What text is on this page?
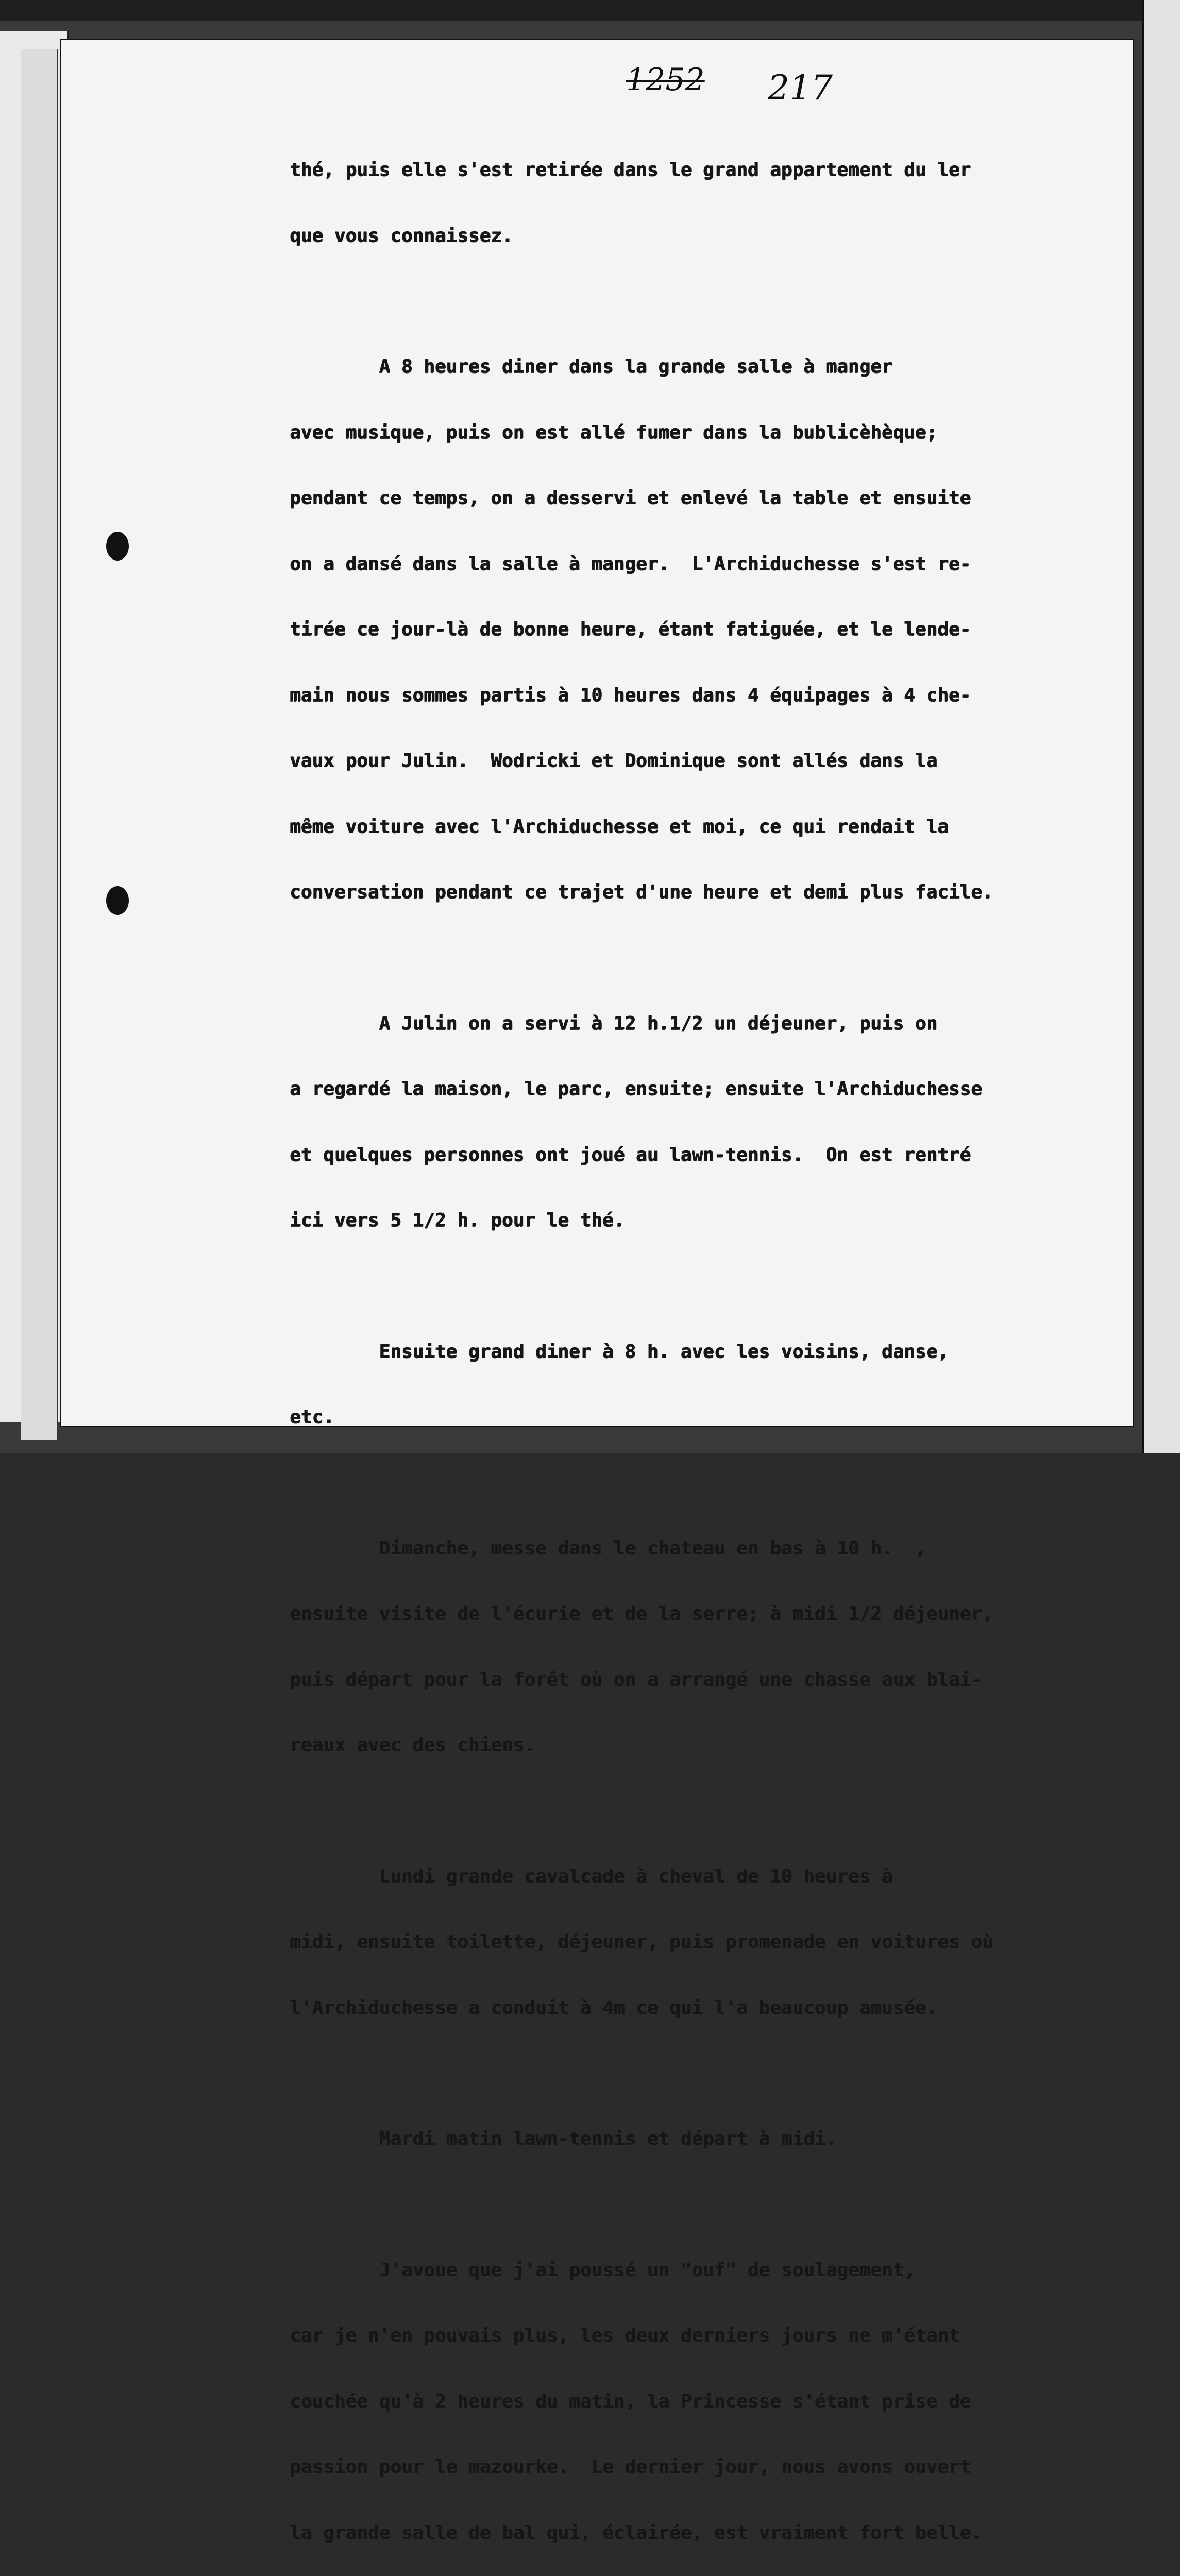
1252 217

thé, puis elle s'est retirée dans le grand appartement du ler

que vous connaissez.

A 8 heures diner dans la grande salle à manger

avec musique, puis on est allé fumer dans la bublicèhèque;

pendant ce temps, on a desservi et enlevé la table et ensuite

on a dansé dans la salle à manger.  L'Archiduchesse s'est re-

tirée ce jour-là de bonne heure, étant fatiguée, et le lende-

main nous sommes partis à 10 heures dans 4 équipages à 4 che-

vaux pour Julin.  Wodricki et Dominique sont allés dans la

même voiture avec l'Archiduchesse et moi, ce qui rendait la

conversation pendant ce trajet d'une heure et demi plus facile.

A Julin on a servi à 12 h.1/2 un déjeuner, puis on

a regardé la maison, le parc, ensuite; ensuite l'Archiduchesse

et quelques personnes ont joué au lawn-tennis.  On est rentré

ici vers 5 1/2 h. pour le thé.

Ensuite grand diner à 8 h. avec les voisins, danse,

etc.

Dimanche, messe dans le chateau en bas à 10 h.  ,

ensuite visite de l'écurie et de la serre; à midi 1/2 déjeuner,

puis départ pour la forêt où on a arrangé une chasse aux blai-

reaux avec des chiens.

Lundi grande cavalcade à cheval de 10 heures à

midi, ensuite toilette, déjeuner, puis promenade en voitures où

l'Archiduchesse a conduit à 4m ce qui l'a beaucoup amusée.

Mardi matin lawn-tennis et départ à midi.

J'avoue que j'ai poussé un "ouf" de soulagement,

car je n'en pouvais plus, les deux derniers jours ne m'étant

couchée qu'à 2 heures du matin, la Princesse s'étant prise de

passion pour le mazourke.  Le dernier jour, nous avons ouvert

la grande salle de bal qui, éclairée, est vraiment fort belle.
